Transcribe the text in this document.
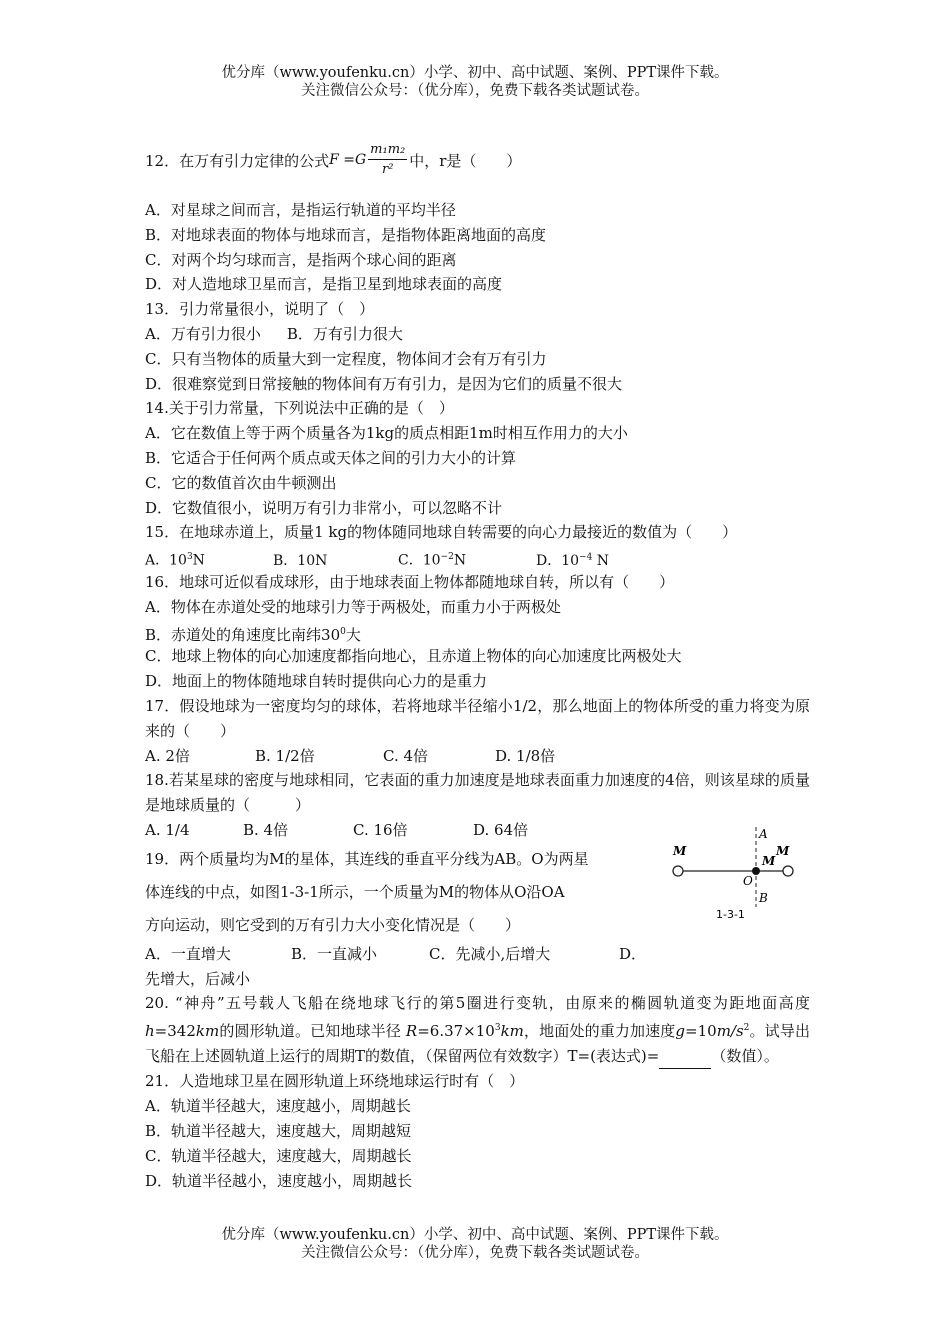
优分库（www.youfenku.cn）小学、初中、高中试题、案例、PPT课件下载。
关注微信公众号：（优分库），免费下载各类试题试卷。
12．在万有引力定律的公式$F =G \frac{\text{m₁m₂}}{\text{r²}}$ 中，r是（　　）
A．对星球之间而言，是指运行轨道的平均半径
B．对地球表面的物体与地球而言，是指物体距离地面的高度
C．对两个均匀球而言，是指两个球心间的距离
D．对人造地球卫星而言，是指卫星到地球表面的高度
13．引力常量很小，说明了（　）
A．万有引力很小 B．万有引力很大
C．只有当物体的质量大到一定程度，物体间才会有万有引力
D．很难察觉到日常接触的物体间有万有引力，是因为它们的质量不很大
14.关于引力常量，下列说法中正确的是（　）
A．它在数值上等于两个质量各为1kg的质点相距1m时相互作用力的大小
B．它适合于任何两个质点或天体之间的引力大小的计算
C．它的数值首次由牛顿测出
D．它数值很小，说明万有引力非常小，可以忽略不计
15．在地球赤道上，质量1 kg的物体随同地球自转需要的向心力最接近的数值为（　　）
A．$10^3N$	B．10N	C．$10^{-2}N$	D．$10^{-4}$ N
16．地球可近似看成球形，由于地球表面上物体都随地球自转，所以有（　　）
A．物体在赤道处受的地球引力等于两极处，而重力小于两极处
B．赤道处的角速度比南纬$30^0$大
C．地球上物体的向心加速度都指向地心，且赤道上物体的向心加速度比两极处大
D．地面上的物体随地球自转时提供向心力的是重力
17．假设地球为一密度均匀的球体，若将地球半径缩小1/2，那么地面上的物体所受的重力将变为原来的（　　）
A. 2倍	B. 1/2倍	C. 4倍	D. 1/8倍
18.若某星球的密度与地球相同，它表面的重力加速度是地球表面重力加速度的4倍，则该星球的质量是地球质量的（　　　）
A. 1/4	B. 4倍	C. 16倍	D. 64倍
19．两个质量均为M的星体，其连线的垂直平分线为AB。O为两星
体连线的中点，如图1-3-1所示，一个质量为M的物体从O沿OA
方向运动，则它受到的万有引力大小变化情况是（　　）
A．一直增大	B．一直减小	C．先减小,后增大	D．
先增大，后减小
A
B
O
M
M
M
1-3-1
20. “神舟”五号载人飞船在绕地球飞行的第5圈进行变轨，由原来的椭圆轨道变为距地面高度h=342km的圆形轨道。已知地球半径 $R=6.37\times 10^3km$，地面处的重力加速度$g=10m/s^2$。试导出飞船在上述圆轨道上运行的周期T的数值，（保留两位有效数字）T=(表达式)=	（数值）。
21．人造地球卫星在圆形轨道上环绕地球运行时有（　）
A．轨道半径越大，速度越小，周期越长
B．轨道半径越大，速度越大，周期越短
C．轨道半径越大，速度越大，周期越长
D．轨道半径越小，速度越小，周期越长
优分库（www.youfenku.cn）小学、初中、高中试题、案例、PPT课件下载。
关注微信公众号：（优分库），免费下载各类试题试卷。
